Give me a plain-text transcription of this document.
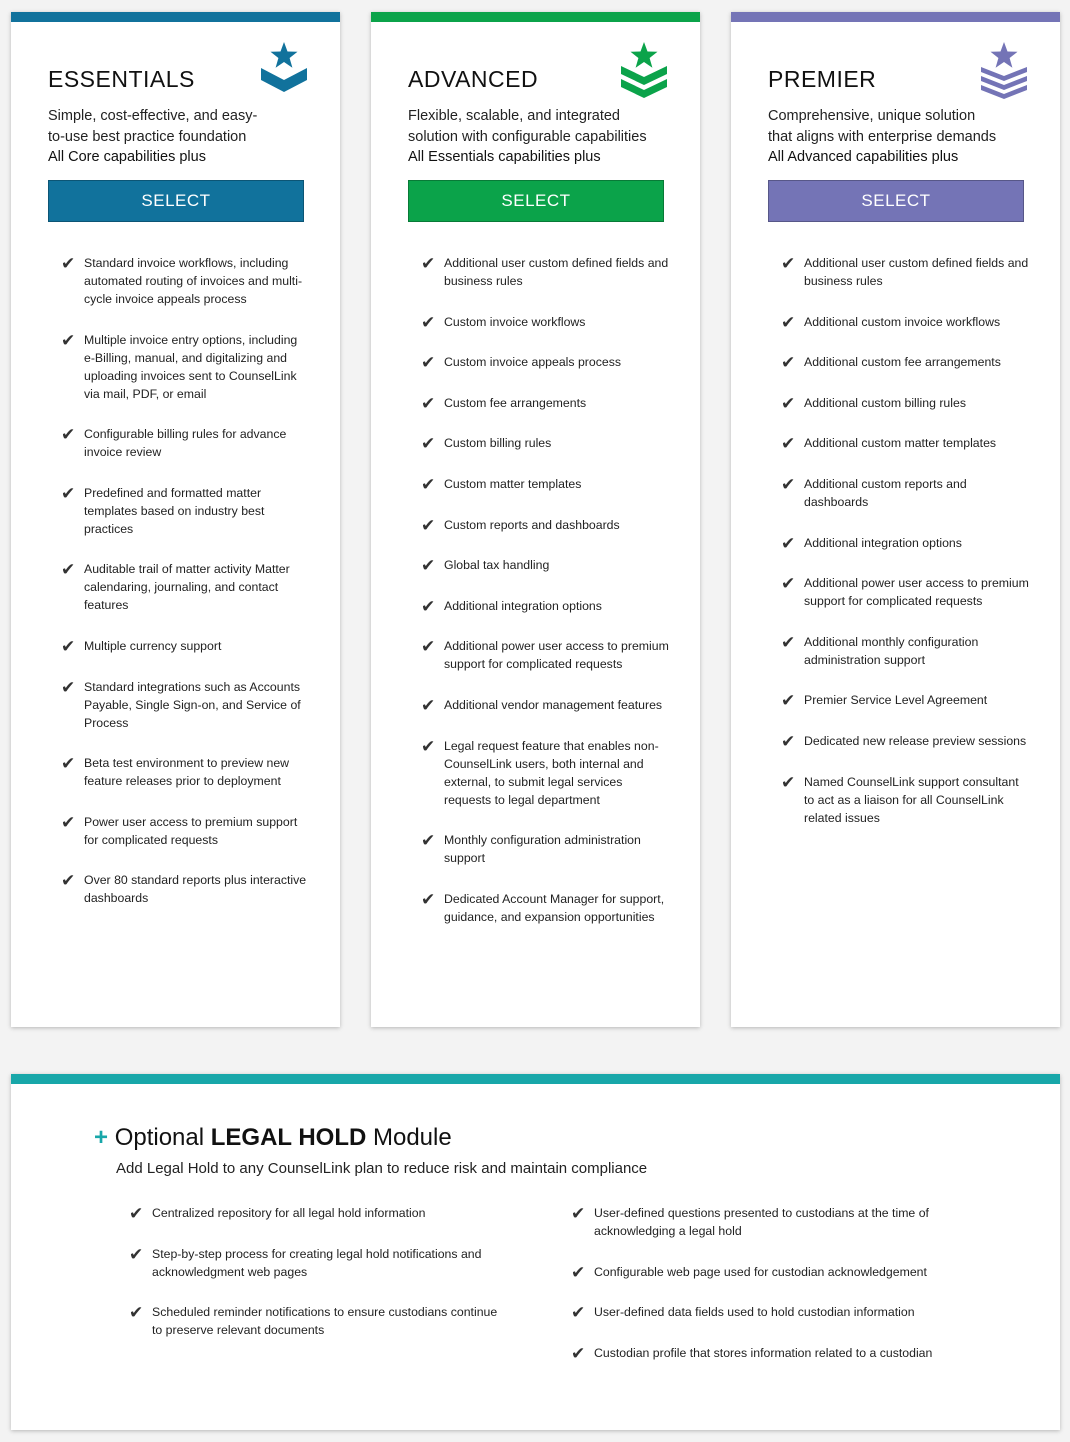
ESSENTIALS

Simple, cost-effective, and easy-
to-use best practice foundation
All Core capabilities plus

SELECT
✔ Standard invoice workflows, including automated routing of invoices and multi-cycle invoice appeals process
✔ Multiple invoice entry options, including e-Billing, manual, and digitalizing and uploading invoices sent to CounselLink via mail, PDF, or email
✔ Configurable billing rules for advance invoice review
✔ Predefined and formatted matter templates based on industry best practices
✔ Auditable trail of matter activity Matter calendaring, journaling, and contact features
✔ Multiple currency support
✔ Standard integrations such as Accounts Payable, Single Sign-on, and Service of Process
✔ Beta test environment to preview new feature releases prior to deployment
✔ Power user access to premium support for complicated requests
✔ Over 80 standard reports plus interactive dashboards
ADVANCED

Flexible, scalable, and integrated
solution with configurable capabilities
All Essentials capabilities plus

SELECT
✔ Additional user custom defined fields and business rules
✔ Custom invoice workflows
✔ Custom invoice appeals process
✔ Custom fee arrangements
✔ Custom billing rules
✔ Custom matter templates
✔ Custom reports and dashboards
✔ Global tax handling
✔ Additional integration options
✔ Additional power user access to premium support for complicated requests
✔ Additional vendor management features
✔ Legal request feature that enables non-CounselLink users, both internal and external, to submit legal services requests to legal department
✔ Monthly configuration administration support
✔ Dedicated Account Manager for support, guidance, and expansion opportunities
PREMIER

Comprehensive, unique solution
that aligns with enterprise demands
All Advanced capabilities plus

SELECT
✔ Additional user custom defined fields and business rules
✔ Additional custom invoice workflows
✔ Additional custom fee arrangements
✔ Additional custom billing rules
✔ Additional custom matter templates
✔ Additional custom reports and dashboards
✔ Additional integration options
✔ Additional power user access to premium support for complicated requests
✔ Additional monthly configuration administration support
✔ Premier Service Level Agreement
✔ Dedicated new release preview sessions
✔ Named CounselLink support consultant to act as a liaison for all CounselLink related issues
+ Optional LEGAL HOLD Module

Add Legal Hold to any CounselLink plan to reduce risk and maintain compliance

✔ Centralized repository for all legal hold information
✔ Step-by-step process for creating legal hold notifications and acknowledgment web pages
✔ Scheduled reminder notifications to ensure custodians continue to preserve relevant documents
✔ User-defined questions presented to custodians at the time of acknowledging a legal hold
✔ Configurable web page used for custodian acknowledgement
✔ User-defined data fields used to hold custodian information
✔ Custodian profile that stores information related to a custodian
